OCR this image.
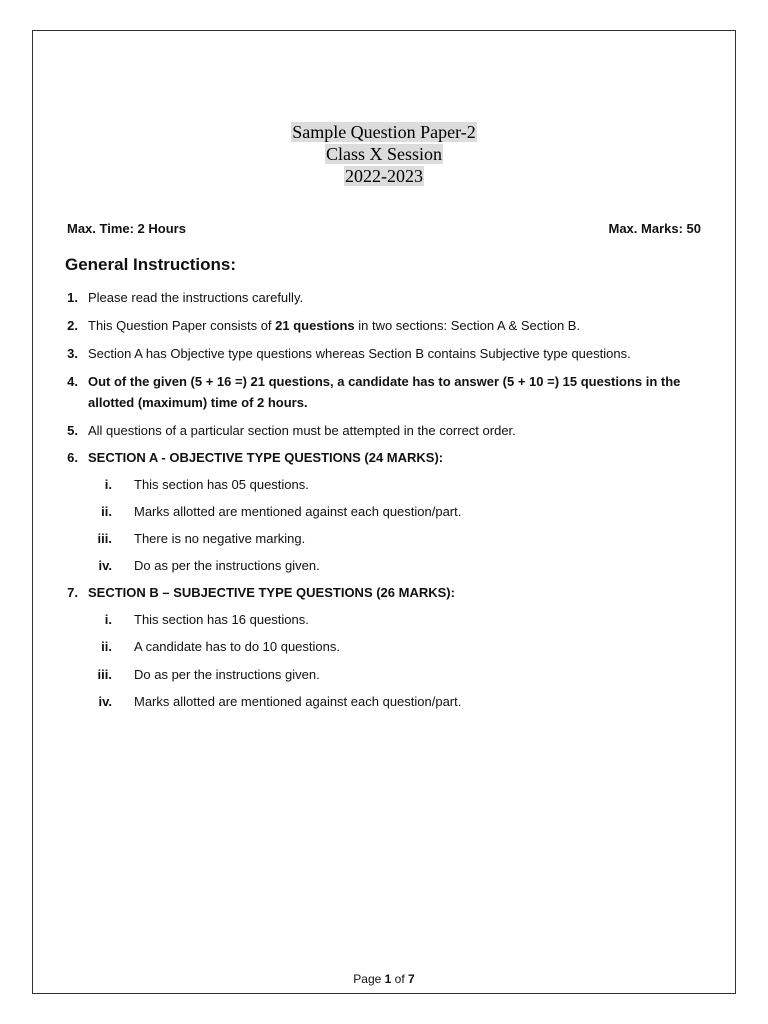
Sample Question Paper-2
Class X Session
2022-2023
Max. Time: 2 Hours	Max. Marks: 50
General Instructions:
1. Please read the instructions carefully.
2. This Question Paper consists of 21 questions in two sections: Section A & Section B.
3. Section A has Objective type questions whereas Section B contains Subjective type questions.
4. Out of the given (5 + 16 =) 21 questions, a candidate has to answer (5 + 10 =) 15 questions in the
allotted (maximum) time of 2 hours.
5. All questions of a particular section must be attempted in the correct order.
6. SECTION A - OBJECTIVE TYPE QUESTIONS (24 MARKS):
i. This section has 05 questions.
ii. Marks allotted are mentioned against each question/part.
iii. There is no negative marking.
iv. Do as per the instructions given.
7. SECTION B – SUBJECTIVE TYPE QUESTIONS (26 MARKS):
i. This section has 16 questions.
ii. A candidate has to do 10 questions.
iii. Do as per the instructions given.
iv. Marks allotted are mentioned against each question/part.
Page 1 of 7
